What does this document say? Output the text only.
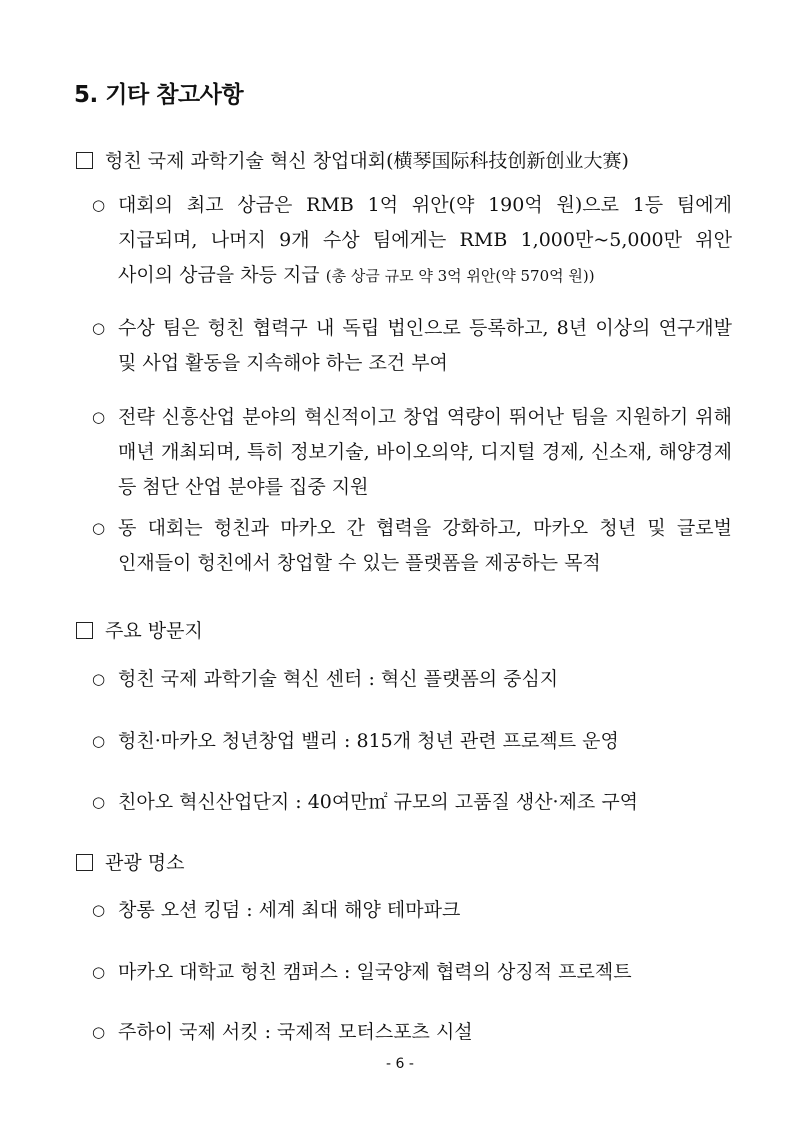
5. 기타 참고사항
헝친 국제 과학기술 혁신 창업대회(横琴国际科技创新创业大赛)
○ 대회의 최고 상금은 RMB 1억 위안(약 190억 원)으로 1등 팀에게 지급되며, 나머지 9개 수상 팀에게는 RMB 1,000만~5,000만 위안 사이의 상금을 차등 지급 (총 상금 규모 약 3억 위안(약 570억 원))
○ 수상 팀은 헝친 협력구 내 독립 법인으로 등록하고, 8년 이상의 연구개발 및 사업 활동을 지속해야 하는 조건 부여
○ 전략 신흥산업 분야의 혁신적이고 창업 역량이 뛰어난 팀을 지원하기 위해 매년 개최되며, 특히 정보기술, 바이오의약, 디지털 경제, 신소재, 해양경제 등 첨단 산업 분야를 집중 지원
○ 동 대회는 헝친과 마카오 간 협력을 강화하고, 마카오 청년 및 글로벌 인재들이 헝친에서 창업할 수 있는 플랫폼을 제공하는 목적
주요 방문지
○ 헝친 국제 과학기술 혁신 센터 : 혁신 플랫폼의 중심지
○ 헝친·마카오 청년창업 밸리 : 815개 청년 관련 프로젝트 운영
○ 친아오 혁신산업단지 : 40여만㎡ 규모의 고품질 생산·제조 구역
관광 명소
○ 창롱 오션 킹덤 : 세계 최대 해양 테마파크
○ 마카오 대학교 헝친 캠퍼스 : 일국양제 협력의 상징적 프로젝트
○ 주하이 국제 서킷 : 국제적 모터스포츠 시설
- 6 -
